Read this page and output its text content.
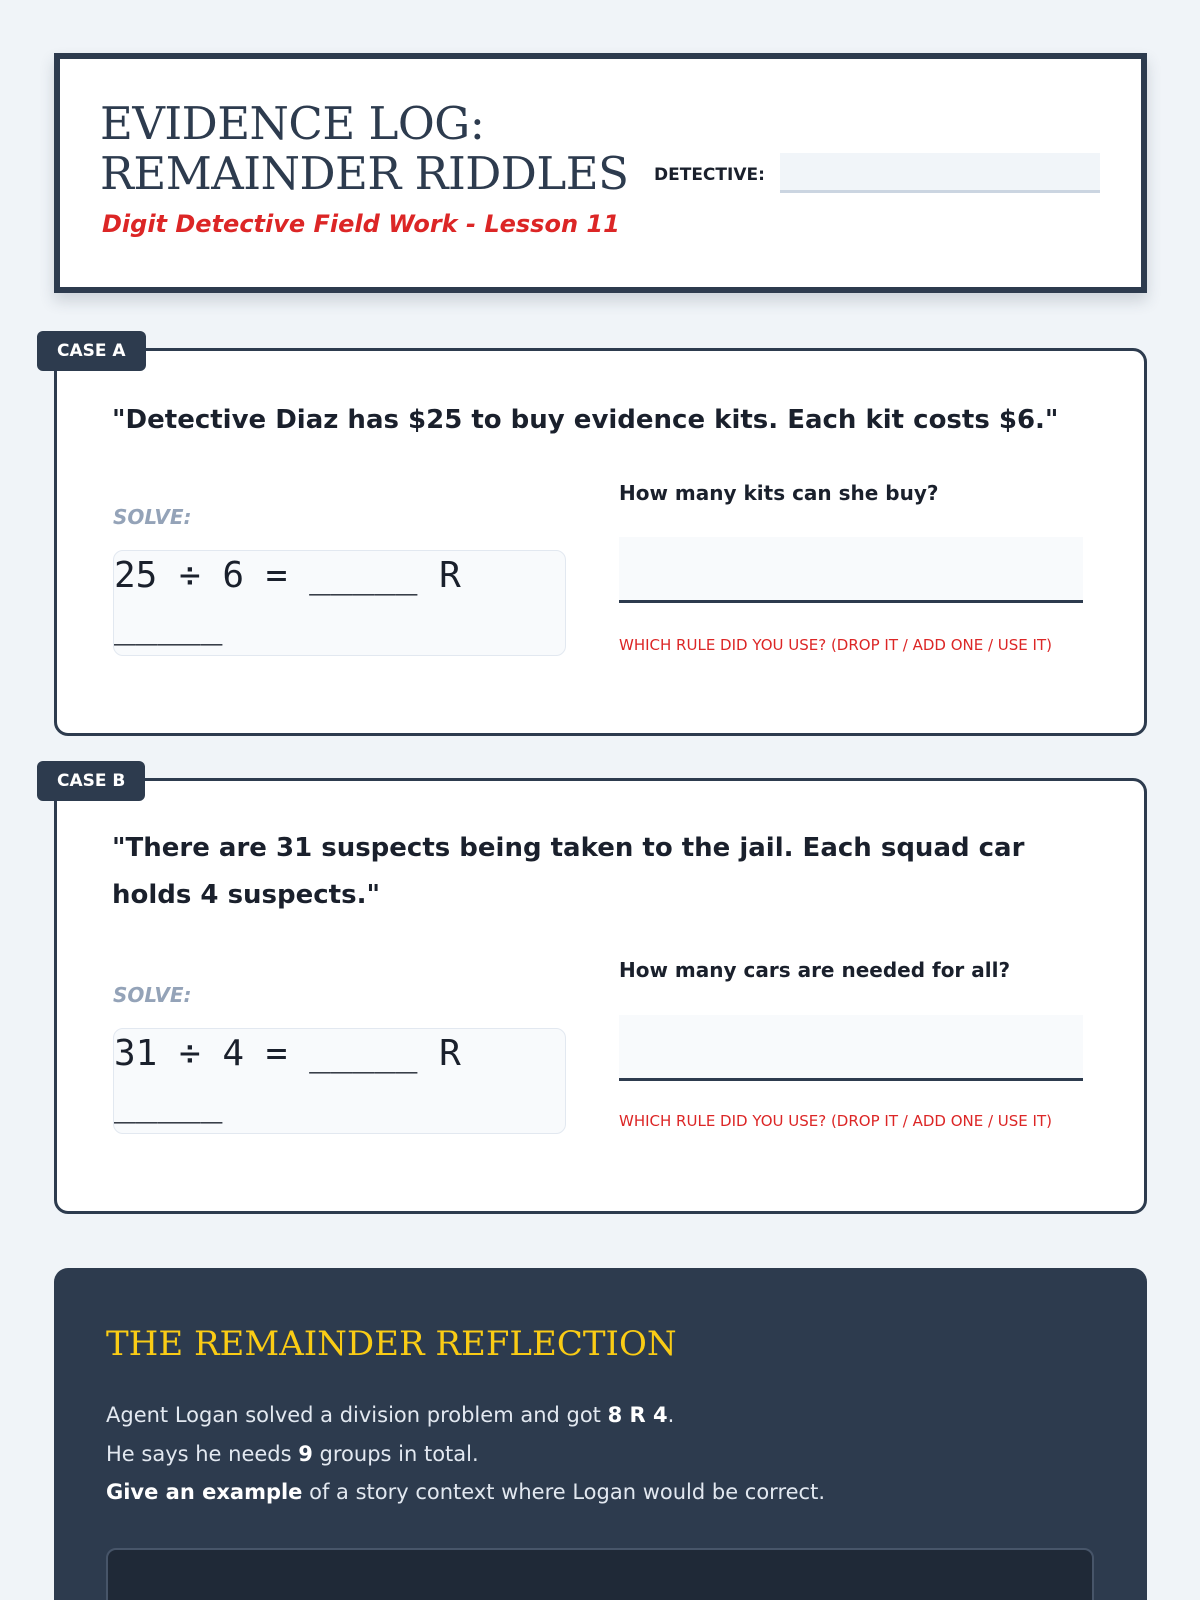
EVIDENCE LOG:
REMAINDER RIDDLES
Digit Detective Field Work - Lesson 11
DETECTIVE:
"Detective Diaz has $25 to buy evidence kits. Each kit costs $6."
SOLVE:
25 ÷ 6 = _____ R _____
How many kits can she buy?
WHICH RULE DID YOU USE? (DROP IT / ADD ONE / USE IT)
CASE A
"There are 31 suspects being taken to the jail. Each squad car holds 4 suspects."
SOLVE:
31 ÷ 4 = _____ R _____
How many cars are needed for all?
WHICH RULE DID YOU USE? (DROP IT / ADD ONE / USE IT)
CASE B
THE REMAINDER REFLECTION
Agent Logan solved a division problem and got 8 R 4.
He says he needs 9 groups in total.
Give an example of a story context where Logan would be correct.
